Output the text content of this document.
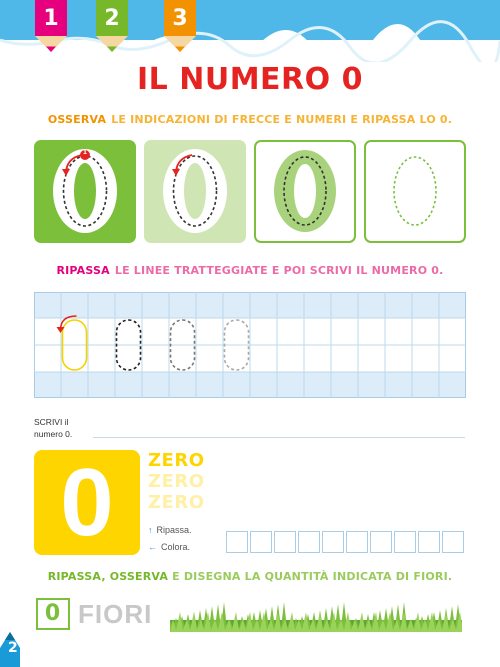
1	2	3
IL NUMERO 0
OSSERVA LE INDICAZIONI DI FRECCE E NUMERI E RIPASSA LO 0.
1
RIPASSA LE LINEE TRATTEGGIATE E POI SCRIVI IL NUMERO 0.
SCRIVI il
numero 0.
0	ZERO
ZERO
ZERO
↑ Ripassa.
← Colora.
RIPASSA, OSSERVA E DISEGNA LA QUANTITÀ INDICATA DI FIORI.
0 FIORI
2
